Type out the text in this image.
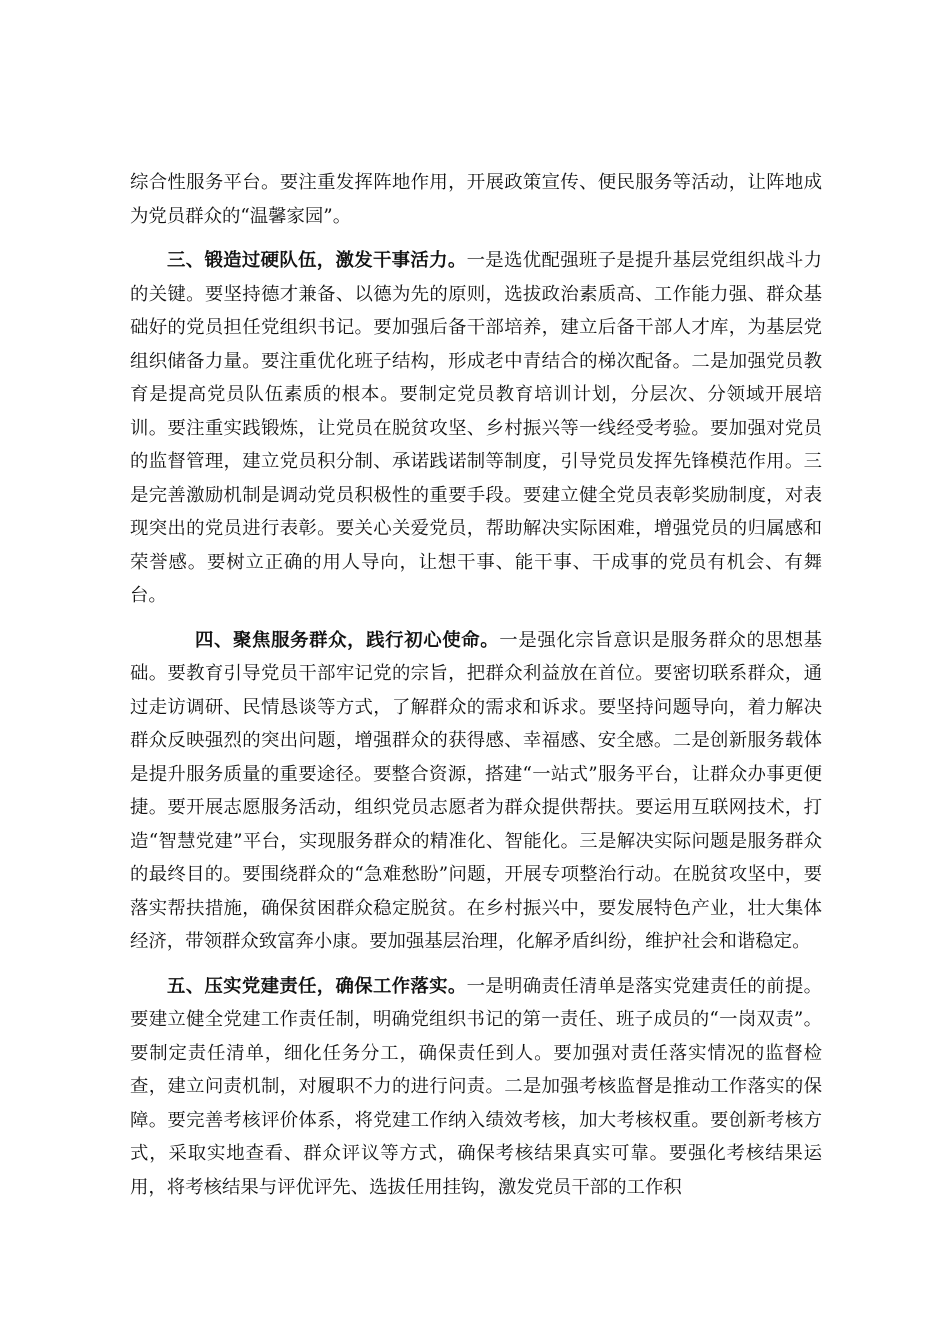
综合性服务平台。要注重发挥阵地作用，开展政策宣传、便民服务等活动，让阵地成为党员群众的“温馨家园”。

三、锻造过硬队伍，激发干事活力。一是选优配强班子是提升基层党组织战斗力的关键。要坚持德才兼备、以德为先的原则，选拔政治素质高、工作能力强、群众基础好的党员担任党组织书记。要加强后备干部培养，建立后备干部人才库，为基层党组织储备力量。要注重优化班子结构，形成老中青结合的梯次配备。二是加强党员教育是提高党员队伍素质的根本。要制定党员教育培训计划，分层次、分领域开展培训。要注重实践锻炼，让党员在脱贫攻坚、乡村振兴等一线经受考验。要加强对党员的监督管理，建立党员积分制、承诺践诺制等制度，引导党员发挥先锋模范作用。三是完善激励机制是调动党员积极性的重要手段。要建立健全党员表彰奖励制度，对表现突出的党员进行表彰。要关心关爱党员，帮助解决实际困难，增强党员的归属感和荣誉感。要树立正确的用人导向，让想干事、能干事、干成事的党员有机会、有舞台。

四、聚焦服务群众，践行初心使命。一是强化宗旨意识是服务群众的思想基础。要教育引导党员干部牢记党的宗旨，把群众利益放在首位。要密切联系群众，通过走访调研、民情恳谈等方式，了解群众的需求和诉求。要坚持问题导向，着力解决群众反映强烈的突出问题，增强群众的获得感、幸福感、安全感。二是创新服务载体是提升服务质量的重要途径。要整合资源，搭建“一站式”服务平台，让群众办事更便捷。要开展志愿服务活动，组织党员志愿者为群众提供帮扶。要运用互联网技术，打造“智慧党建”平台，实现服务群众的精准化、智能化。三是解决实际问题是服务群众的最终目的。要围绕群众的“急难愁盼”问题，开展专项整治行动。在脱贫攻坚中，要落实帮扶措施，确保贫困群众稳定脱贫。在乡村振兴中，要发展特色产业，壮大集体经济，带领群众致富奔小康。要加强基层治理，化解矛盾纠纷，维护社会和谐稳定。

五、压实党建责任，确保工作落实。一是明确责任清单是落实党建责任的前提。要建立健全党建工作责任制，明确党组织书记的第一责任、班子成员的“一岗双责”。要制定责任清单，细化任务分工，确保责任到人。要加强对责任落实情况的监督检查，建立问责机制，对履职不力的进行问责。二是加强考核监督是推动工作落实的保障。要完善考核评价体系，将党建工作纳入绩效考核，加大考核权重。要创新考核方式，采取实地查看、群众评议等方式，确保考核结果真实可靠。要强化考核结果运用，将考核结果与评优评先、选拔任用挂钩，激发党员干部的工作积
